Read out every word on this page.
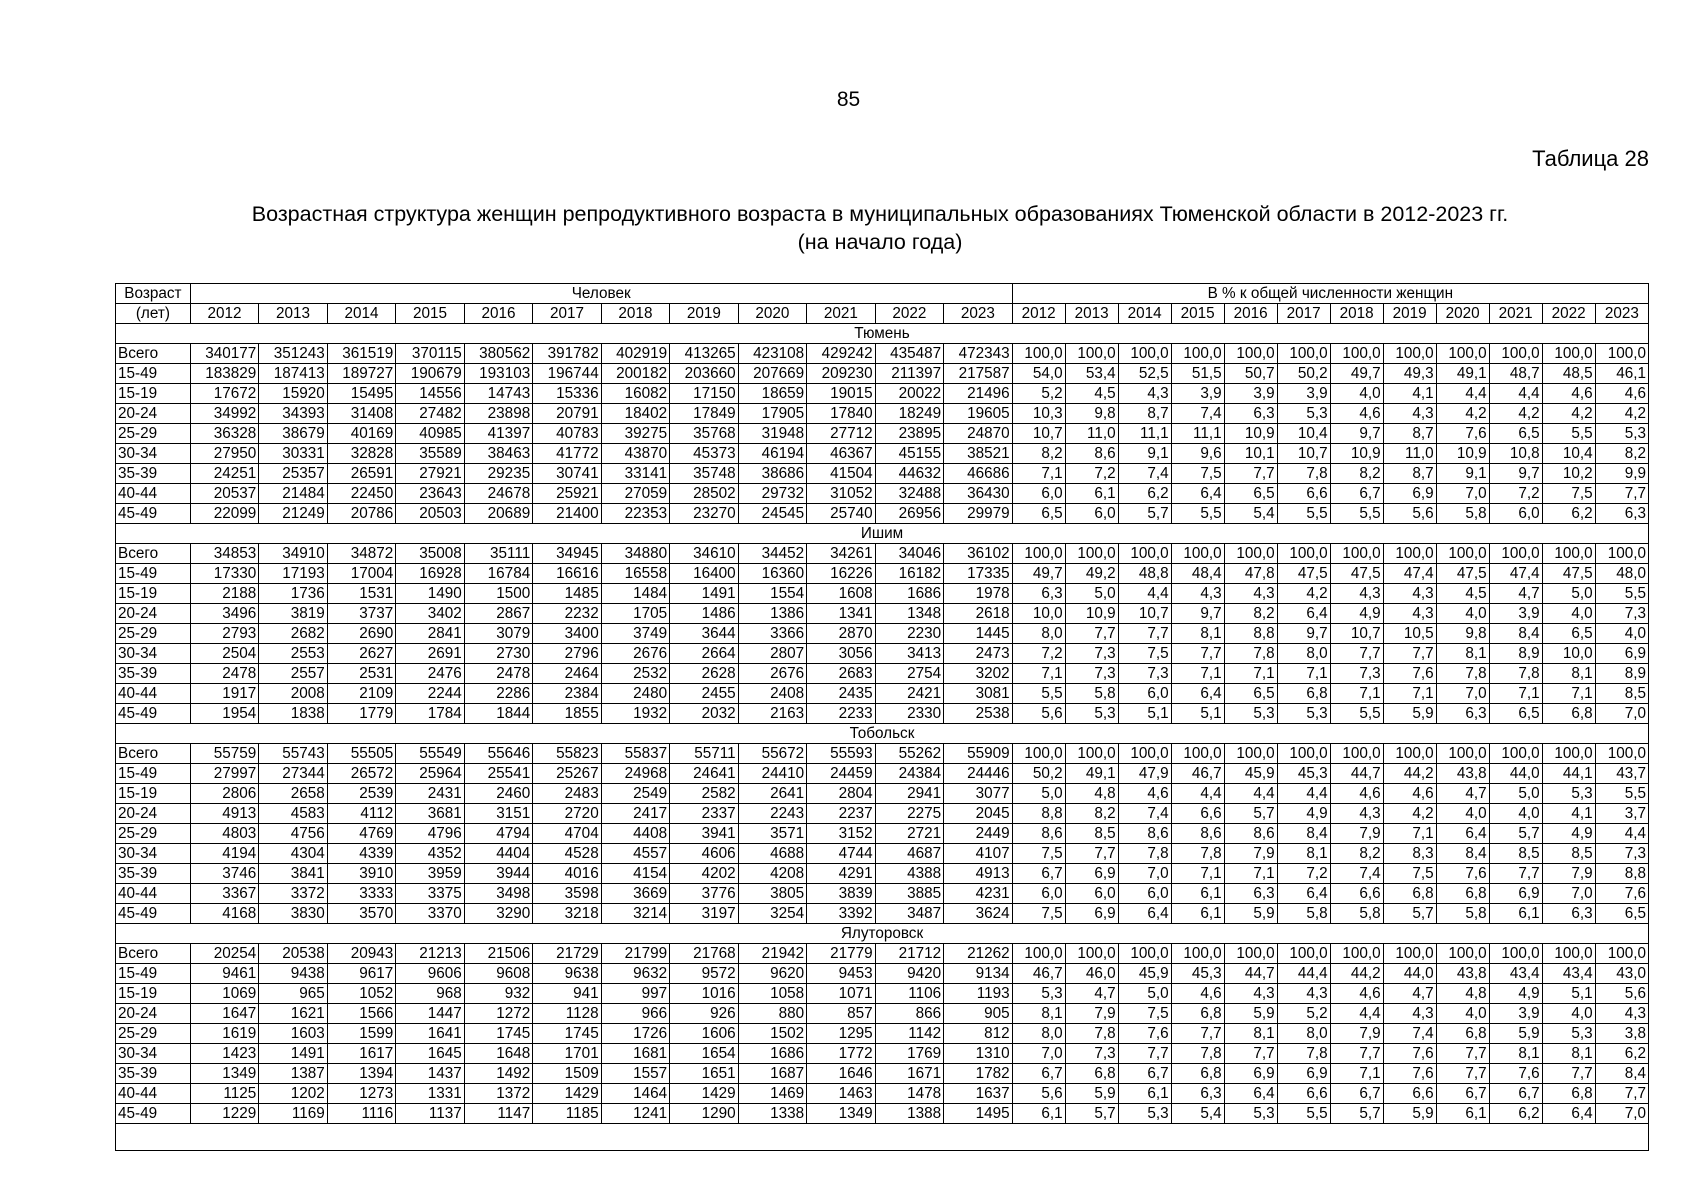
85
Таблица 28
Возрастная структура женщин репродуктивного возраста в муниципальных образованиях Тюменской области в 2012-2023 гг.
(на начало года)
Возраст	Человек												В % к общей численности женщин											
(лет)	2012	2013	2014	2015	2016	2017	2018	2019	2020	2021	2022	2023	2012	2013	2014	2015	2016	2017	2018	2019	2020	2021	2022	2023
Тюмень																								
Всего	340177	351243	361519	370115	380562	391782	402919	413265	423108	429242	435487	472343	100,0	100,0	100,0	100,0	100,0	100,0	100,0	100,0	100,0	100,0	100,0	100,0
15-49	183829	187413	189727	190679	193103	196744	200182	203660	207669	209230	211397	217587	54,0	53,4	52,5	51,5	50,7	50,2	49,7	49,3	49,1	48,7	48,5	46,1
15-19	17672	15920	15495	14556	14743	15336	16082	17150	18659	19015	20022	21496	5,2	4,5	4,3	3,9	3,9	3,9	4,0	4,1	4,4	4,4	4,6	4,6
20-24	34992	34393	31408	27482	23898	20791	18402	17849	17905	17840	18249	19605	10,3	9,8	8,7	7,4	6,3	5,3	4,6	4,3	4,2	4,2	4,2	4,2
25-29	36328	38679	40169	40985	41397	40783	39275	35768	31948	27712	23895	24870	10,7	11,0	11,1	11,1	10,9	10,4	9,7	8,7	7,6	6,5	5,5	5,3
30-34	27950	30331	32828	35589	38463	41772	43870	45373	46194	46367	45155	38521	8,2	8,6	9,1	9,6	10,1	10,7	10,9	11,0	10,9	10,8	10,4	8,2
35-39	24251	25357	26591	27921	29235	30741	33141	35748	38686	41504	44632	46686	7,1	7,2	7,4	7,5	7,7	7,8	8,2	8,7	9,1	9,7	10,2	9,9
40-44	20537	21484	22450	23643	24678	25921	27059	28502	29732	31052	32488	36430	6,0	6,1	6,2	6,4	6,5	6,6	6,7	6,9	7,0	7,2	7,5	7,7
45-49	22099	21249	20786	20503	20689	21400	22353	23270	24545	25740	26956	29979	6,5	6,0	5,7	5,5	5,4	5,5	5,5	5,6	5,8	6,0	6,2	6,3
Ишим																								
Всего	34853	34910	34872	35008	35111	34945	34880	34610	34452	34261	34046	36102	100,0	100,0	100,0	100,0	100,0	100,0	100,0	100,0	100,0	100,0	100,0	100,0
15-49	17330	17193	17004	16928	16784	16616	16558	16400	16360	16226	16182	17335	49,7	49,2	48,8	48,4	47,8	47,5	47,5	47,4	47,5	47,4	47,5	48,0
15-19	2188	1736	1531	1490	1500	1485	1484	1491	1554	1608	1686	1978	6,3	5,0	4,4	4,3	4,3	4,2	4,3	4,3	4,5	4,7	5,0	5,5
20-24	3496	3819	3737	3402	2867	2232	1705	1486	1386	1341	1348	2618	10,0	10,9	10,7	9,7	8,2	6,4	4,9	4,3	4,0	3,9	4,0	7,3
25-29	2793	2682	2690	2841	3079	3400	3749	3644	3366	2870	2230	1445	8,0	7,7	7,7	8,1	8,8	9,7	10,7	10,5	9,8	8,4	6,5	4,0
30-34	2504	2553	2627	2691	2730	2796	2676	2664	2807	3056	3413	2473	7,2	7,3	7,5	7,7	7,8	8,0	7,7	7,7	8,1	8,9	10,0	6,9
35-39	2478	2557	2531	2476	2478	2464	2532	2628	2676	2683	2754	3202	7,1	7,3	7,3	7,1	7,1	7,1	7,3	7,6	7,8	7,8	8,1	8,9
40-44	1917	2008	2109	2244	2286	2384	2480	2455	2408	2435	2421	3081	5,5	5,8	6,0	6,4	6,5	6,8	7,1	7,1	7,0	7,1	7,1	8,5
45-49	1954	1838	1779	1784	1844	1855	1932	2032	2163	2233	2330	2538	5,6	5,3	5,1	5,1	5,3	5,3	5,5	5,9	6,3	6,5	6,8	7,0
Тобольск																								
Всего	55759	55743	55505	55549	55646	55823	55837	55711	55672	55593	55262	55909	100,0	100,0	100,0	100,0	100,0	100,0	100,0	100,0	100,0	100,0	100,0	100,0
15-49	27997	27344	26572	25964	25541	25267	24968	24641	24410	24459	24384	24446	50,2	49,1	47,9	46,7	45,9	45,3	44,7	44,2	43,8	44,0	44,1	43,7
15-19	2806	2658	2539	2431	2460	2483	2549	2582	2641	2804	2941	3077	5,0	4,8	4,6	4,4	4,4	4,4	4,6	4,6	4,7	5,0	5,3	5,5
20-24	4913	4583	4112	3681	3151	2720	2417	2337	2243	2237	2275	2045	8,8	8,2	7,4	6,6	5,7	4,9	4,3	4,2	4,0	4,0	4,1	3,7
25-29	4803	4756	4769	4796	4794	4704	4408	3941	3571	3152	2721	2449	8,6	8,5	8,6	8,6	8,6	8,4	7,9	7,1	6,4	5,7	4,9	4,4
30-34	4194	4304	4339	4352	4404	4528	4557	4606	4688	4744	4687	4107	7,5	7,7	7,8	7,8	7,9	8,1	8,2	8,3	8,4	8,5	8,5	7,3
35-39	3746	3841	3910	3959	3944	4016	4154	4202	4208	4291	4388	4913	6,7	6,9	7,0	7,1	7,1	7,2	7,4	7,5	7,6	7,7	7,9	8,8
40-44	3367	3372	3333	3375	3498	3598	3669	3776	3805	3839	3885	4231	6,0	6,0	6,0	6,1	6,3	6,4	6,6	6,8	6,8	6,9	7,0	7,6
45-49	4168	3830	3570	3370	3290	3218	3214	3197	3254	3392	3487	3624	7,5	6,9	6,4	6,1	5,9	5,8	5,8	5,7	5,8	6,1	6,3	6,5
Ялуторовск																								
Всего	20254	20538	20943	21213	21506	21729	21799	21768	21942	21779	21712	21262	100,0	100,0	100,0	100,0	100,0	100,0	100,0	100,0	100,0	100,0	100,0	100,0
15-49	9461	9438	9617	9606	9608	9638	9632	9572	9620	9453	9420	9134	46,7	46,0	45,9	45,3	44,7	44,4	44,2	44,0	43,8	43,4	43,4	43,0
15-19	1069	965	1052	968	932	941	997	1016	1058	1071	1106	1193	5,3	4,7	5,0	4,6	4,3	4,3	4,6	4,7	4,8	4,9	5,1	5,6
20-24	1647	1621	1566	1447	1272	1128	966	926	880	857	866	905	8,1	7,9	7,5	6,8	5,9	5,2	4,4	4,3	4,0	3,9	4,0	4,3
25-29	1619	1603	1599	1641	1745	1745	1726	1606	1502	1295	1142	812	8,0	7,8	7,6	7,7	8,1	8,0	7,9	7,4	6,8	5,9	5,3	3,8
30-34	1423	1491	1617	1645	1648	1701	1681	1654	1686	1772	1769	1310	7,0	7,3	7,7	7,8	7,7	7,8	7,7	7,6	7,7	8,1	8,1	6,2
35-39	1349	1387	1394	1437	1492	1509	1557	1651	1687	1646	1671	1782	6,7	6,8	6,7	6,8	6,9	6,9	7,1	7,6	7,7	7,6	7,7	8,4
40-44	1125	1202	1273	1331	1372	1429	1464	1429	1469	1463	1478	1637	5,6	5,9	6,1	6,3	6,4	6,6	6,7	6,6	6,7	6,7	6,8	7,7
45-49	1229	1169	1116	1137	1147	1185	1241	1290	1338	1349	1388	1495	6,1	5,7	5,3	5,4	5,3	5,5	5,7	5,9	6,1	6,2	6,4	7,0
